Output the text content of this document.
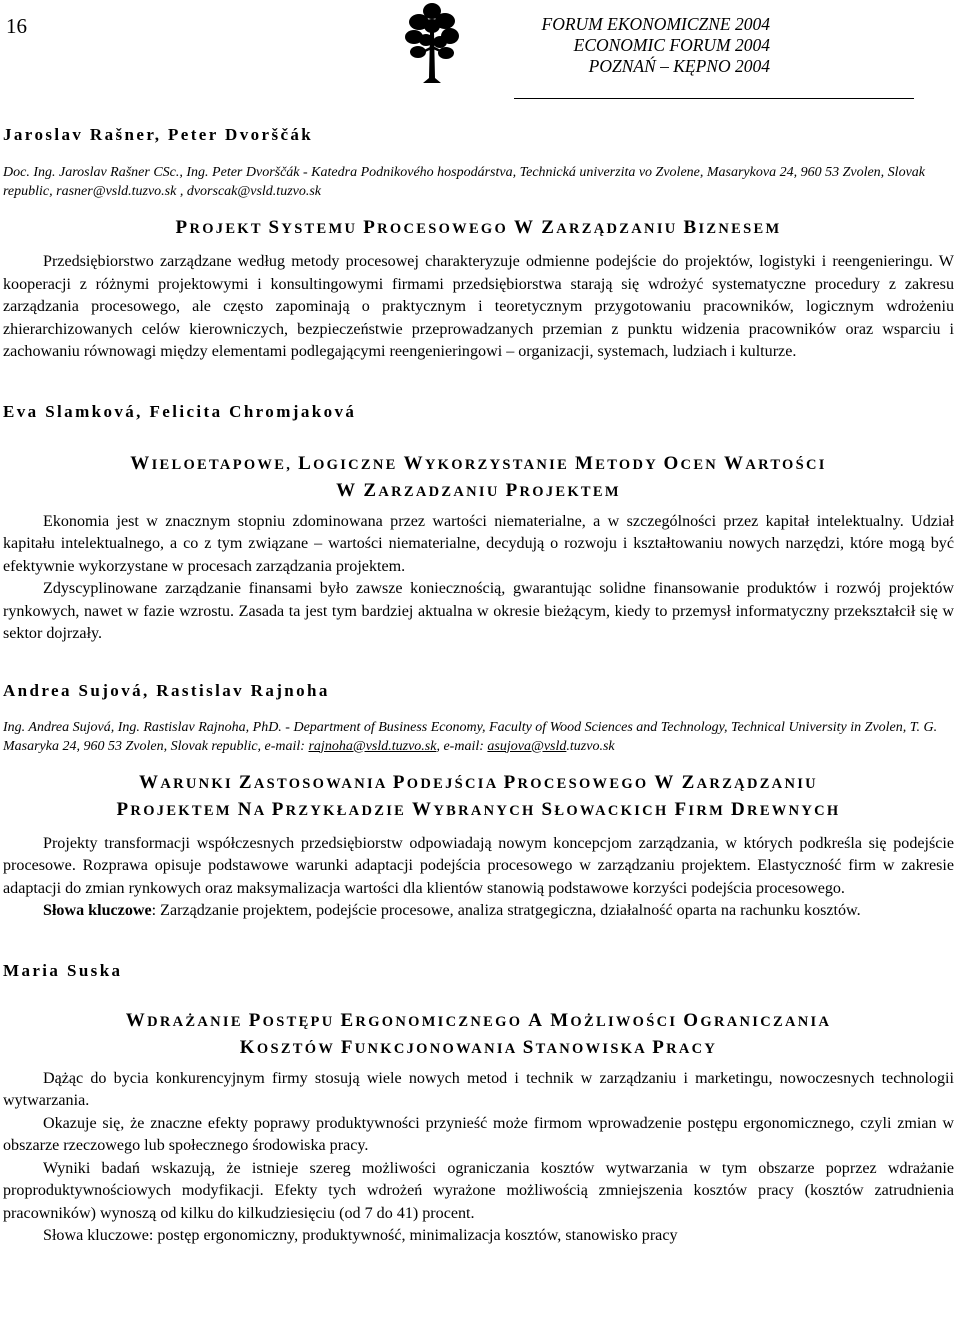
16	FORUM EKONOMICZNE 2004
ECONOMIC FORUM 2004
POZNAŃ – KĘPNO 2004

Jaroslav Rašner, Peter Dvorščák

Doc. Ing. Jaroslav Rašner CSc., Ing. Peter Dvorščák - Katedra Podnikového hospodárstva, Technická univerzita vo Zvolene, Masarykova 24, 960 53 Zvolen, Slovak republic, rasner@vsld.tuzvo.sk , dvorscak@vsld.tuzvo.sk

PROJEKT SYSTEMU PROCESOWEGO W ZARZĄDZANIU BIZNESEM

Przedsiębiorstwo zarządzane według metody procesowej charakteryzuje odmienne podejście do projektów, logistyki i reengenieringu. W kooperacji z różnymi projektowymi i konsultingowymi firmami przedsiębiorstwa starają się wdrożyć systematyczne procedury z zakresu zarządzania procesowego, ale często zapominają o praktycznym i teoretycznym przygotowaniu pracowników, logicznym wdrożeniu zhierarchizowanych celów kierowniczych, bezpieczeństwie przeprowadzanych przemian z punktu widzenia pracowników oraz wsparciu i zachowaniu równowagi między elementami podlegającymi reengenieringowi – organizacji, systemach, ludziach i kulturze.

Eva Slamková, Felicita Chromjaková

WIELOETAPOWE, LOGICZNE WYKORZYSTANIE METODY OCEN WARTOŚCI

W ZARZADZANIU PROJEKTEM

Ekonomia jest w znacznym stopniu zdominowana przez wartości niematerialne, a w szczególności przez kapitał intelektualny. Udział kapitału intelektualnego, a co z tym związane – wartości niematerialne, decydują o rozwoju i kształtowaniu nowych narzędzi, które mogą być efektywnie wykorzystane w procesach zarządzania projektem.

Zdyscyplinowane zarządzanie finansami było zawsze koniecznością, gwarantując solidne finansowanie produktów i rozwój projektów rynkowych, nawet w fazie wzrostu. Zasada ta jest tym bardziej aktualna w okresie bieżącym, kiedy to przemysł informatyczny przekształcił się w sektor dojrzały.

Andrea Sujová, Rastislav Rajnoha

Ing. Andrea Sujová, Ing. Rastislav Rajnoha, PhD. - Department of Business Economy, Faculty of Wood Sciences and Technology, Technical University in Zvolen, T. G. Masaryka 24, 960 53 Zvolen, Slovak republic, e-mail: rajnoha@vsld.tuzvo.sk, e-mail: asujova@vsld.tuzvo.sk

WARUNKI ZASTOSOWANIA PODEJŚCIA PROCESOWEGO W ZARZĄDZANIU

PROJEKTEM NA PRZYKŁADZIE WYBRANYCH SŁOWACKICH FIRM DREWNYCH

Projekty transformacji współczesnych przedsiębiorstw odpowiadają nowym koncepcjom zarządzania, w których podkreśla się podejście procesowe. Rozprawa opisuje podstawowe warunki adaptacji podejścia procesowego w zarządzaniu projektem. Elastyczność firm w zakresie adaptacji do zmian rynkowych oraz maksymalizacja wartości dla klientów stanowią podstawowe korzyści podejścia procesowego.

Słowa kluczowe: Zarządzanie projektem, podejście procesowe, analiza stratgegiczna, działalność oparta na rachunku kosztów.

Maria Suska

WDRAŻANIE POSTĘPU ERGONOMICZNEGO A MOŻLIWOŚCI OGRANICZANIA

KOSZTÓW FUNKCJONOWANIA STANOWISKA PRACY

Dążąc do bycia konkurencyjnym firmy stosują wiele nowych metod i technik w zarządzaniu i marketingu, nowoczesnych technologii wytwarzania.

Okazuje się, że znaczne efekty poprawy produktywności przynieść może firmom wprowadzenie postępu ergonomicznego, czyli zmian w obszarze rzeczowego lub społecznego środowiska pracy.

Wyniki badań wskazują, że istnieje szereg możliwości ograniczania kosztów wytwarzania w tym obszarze poprzez wdrażanie proproduktywnościowych modyfikacji. Efekty tych wdrożeń wyrażone możliwością zmniejszenia kosztów pracy (kosztów zatrudnienia pracowników) wynoszą od kilku do kilkudziesięciu (od 7 do 41) procent.

Słowa kluczowe: postęp ergonomiczny, produktywność, minimalizacja kosztów, stanowisko pracy
